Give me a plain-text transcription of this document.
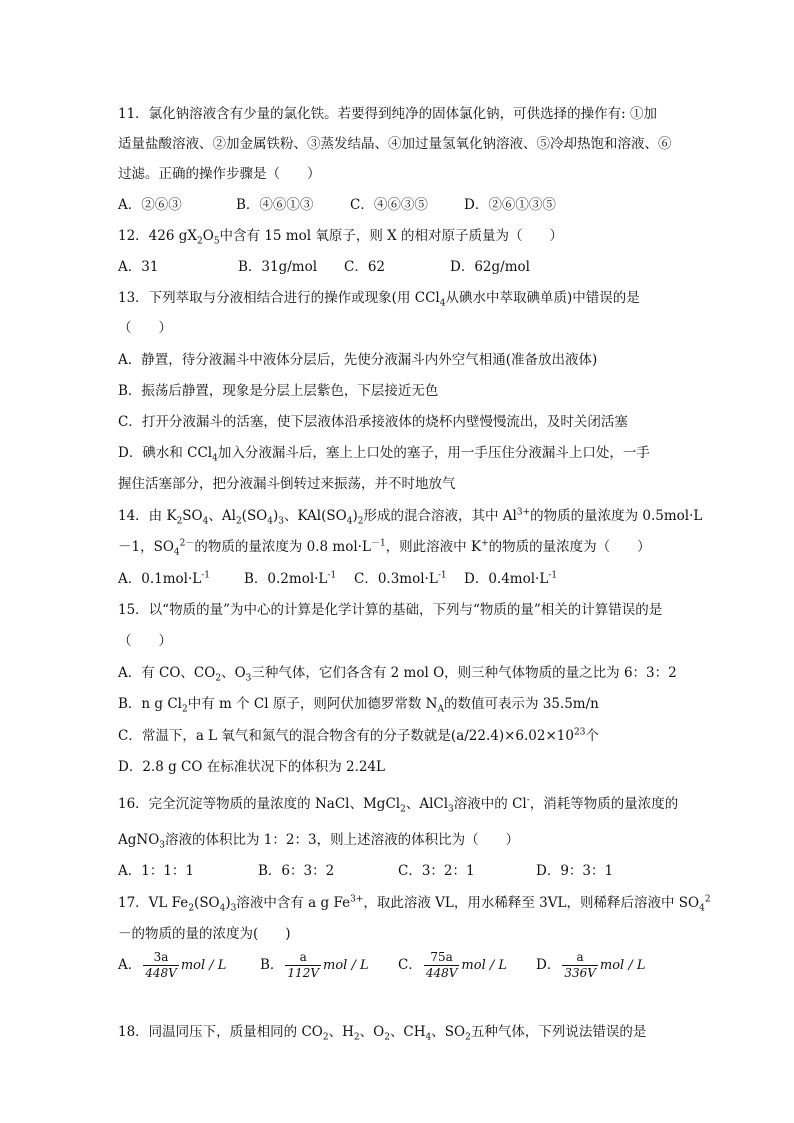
11．氯化钠溶液含有少量的氯化铁。若要得到纯净的固体氯化钠，可供选择的操作有: ①加
适量盐酸溶液、②加金属铁粉、③蒸发结晶、④加过量氢氧化钠溶液、⑤冷却热饱和溶液、⑥
过滤。正确的操作步骤是（　　）
A．②⑥③	B．④⑥①③	C．④⑥③⑤	D．②⑥①③⑤
12．426 $gX_2O_5$中含有 15 mol 氧原子，则 X 的相对原子质量为（　　）
A．31	B．31g/mol C．62	D．62g/mol
13．下列萃取与分液相结合进行的操作或现象(用 CCl$_4$从碘水中萃取碘单质)中错误的是
（　　）
A．静置，待分液漏斗中液体分层后，先使分液漏斗内外空气相通(准备放出液体)
B．振荡后静置，现象是分层上层紫色，下层接近无色
C．打开分液漏斗的活塞，使下层液体沿承接液体的烧杯内壁慢慢流出，及时关闭活塞
D．碘水和 CCl$_4$加入分液漏斗后，塞上上口处的塞子，用一手压住分液漏斗上口处，一手
握住活塞部分，把分液漏斗倒转过来振荡，并不时地放气
14．由 $K_2SO_4$、$Al_2(SO_4)_3$、$KAl(SO_4)_2$形成的混合溶液，其中 $Al^{3+}$的物质的量浓度为 0.5mol·L
－1，$SO_4^{2-}$的物质的量浓度为 0.8 $mol\cdot L^{-1}$，则此溶液中 K+的物质的量浓度为（　　）
A．$0.1mol\cdot L^{-1}$	B．$0.2mol\cdot L^{-1}$ C．$0.3mol\cdot L^{-1}$ D．$0.4mol\cdot L^{-1}$
15．以“物质的量”为中心的计算是化学计算的基础，下列与“物质的量”相关的计算错误的是
（　　）
A．有 CO、$CO_2$、$O_3$三种气体，它们各含有 2 mol O，则三种气体物质的量之比为 6：3：2
B．n g $Cl_2$中有 m 个 Cl 原子，则阿伏加德罗常数 $N_A$的数值可表示为 35.5m/n
C．常温下，a L 氧气和氮气的混合物含有的分子数就是$(a/22.4)\times 6.02\times 10^{23}$个
D．2.8 g CO 在标准状况下的体积为 2.24L
16．完全沉淀等物质的量浓度的 NaCl、MgCl$_2$、AlCl$_3$溶液中的 Cl-，消耗等物质的量浓度的
AgNO$_3$溶液的体积比为 1：2：3，则上述溶液的体积比为（　　）
A．1：1：1	B．6：3：2	C．3：2：1	D．9：3：1
17．VL $Fe_2(SO_4)_3$溶液中含有 a g $Fe^{3+}$，取此溶液 VL，用水稀释至 3VL，则稀释后溶液中 $SO_4^2$
－的物质的量的浓度为(　　)
A． $\frac{3a}{448V}$ mol / L B． $\frac{a}{112V}$ mol / L C． $\frac{75a}{448V}$ mol / L D． $\frac{a}{336V}$ mol / L
18．同温同压下，质量相同的 $CO_2$、$H_2$、$O_2$、$CH_4$、$SO_2$五种气体，下列说法错误的是
